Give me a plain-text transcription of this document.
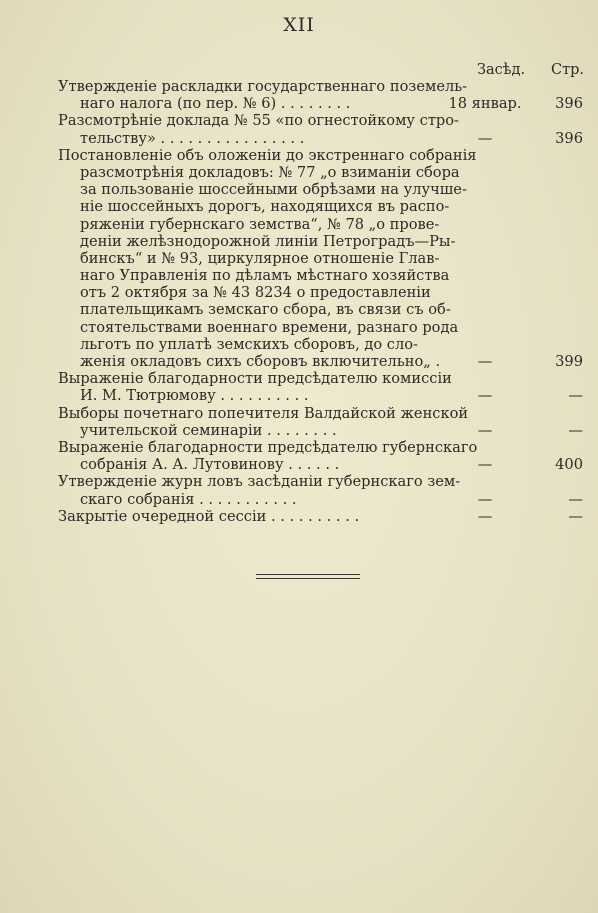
XII
Засѣд. Стр.
Утвержденіе раскладки государственнаго поземель-
наго налога (по пер. № 6) . . . . . . . .	18 январ.	396
Разсмотрѣніе доклада № 55 «по огнестойкому стро-
тельству» . . . . . . . . . . . . . . . .	—	396
Постановленіе объ оложеніи до экстреннаго собранія
разсмотрѣнія докладовъ: № 77 „о взиманіи сбора
за пользованіе шоссейными обрѣзами на улучше-
ніе шоссейныхъ дорогъ, находящихся въ распо-
ряженіи губернскаго земства“, № 78 „о прове-
деніи желѣзнодорожной линіи Петроградъ—Ры-
бинскъ“ и № 93, циркулярное отношеніе Глав-
наго Управленія по дѣламъ мѣстнаго хозяйства
отъ 2 октября за № 43 8234 о предоставленіи
плательщикамъ земскаго сбора, въ связи съ об-
стоятельствами военнаго времени, разнаго рода
льготъ по уплатѣ земскихъ сборовъ, до сло-
женія окладовъ сихъ сборовъ включительно„ .	—	399
Выраженіе благодарности предсѣдателю комиссіи
И. М. Тютрюмову . . . . . . . . . .	—	—
Выборы почетнаго попечителя Валдайской женской
учительской семинаріи . . . . . . . .	—	—
Выраженіе благодарности предсѣдателю губернскаго
собранія А. А. Лутовинову . . . . . .	—	400
Утвержденіе журн ловъ засѣданіи губернскаго зем-
скаго собранія . . . . . . . . . . .	—	—
Закрытіе очередной сессіи . . . . . . . . . .	—	—
